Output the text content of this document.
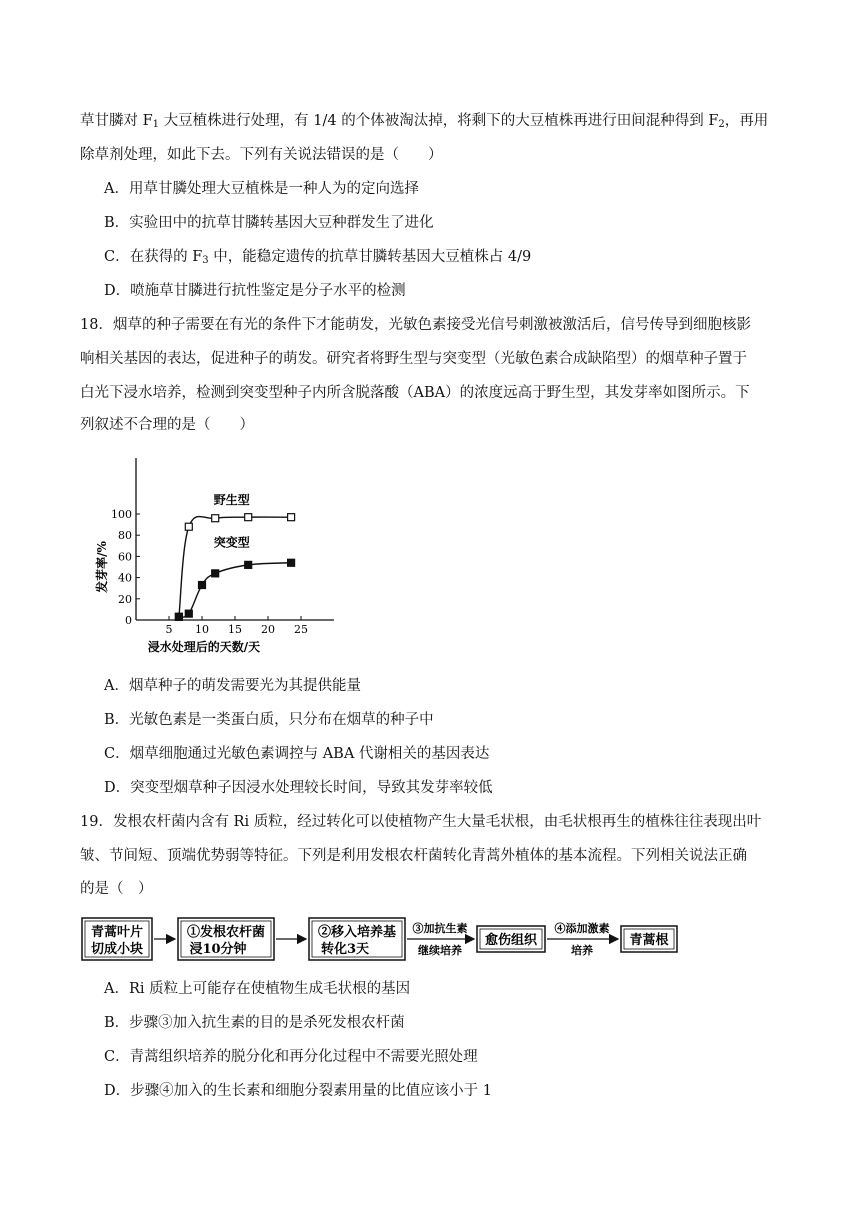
草甘膦对 $F_1$ 大豆植株进行处理，有 1/4 的个体被淘汰掉，将剩下的大豆植株再进行田间混种得到 $F_2$，再用
除草剂处理，如此下去。下列有关说法错误的是（　　）
A．用草甘膦处理大豆植株是一种人为的定向选择
B．实验田中的抗草甘膦转基因大豆种群发生了进化
C．在获得的 $F_3$ 中，能稳定遗传的抗草甘膦转基因大豆植株占 4/9
D．喷施草甘膦进行抗性鉴定是分子水平的检测
18．烟草的种子需要在有光的条件下才能萌发，光敏色素接受光信号刺激被激活后，信号传导到细胞核影
响相关基因的表达，促进种子的萌发。研究者将野生型与突变型（光敏色素合成缺陷型）的烟草种子置于
白光下浸水培养，检测到突变型种子内所含脱落酸（ABA）的浓度远高于野生型，其发芽率如图所示。下
列叙述不合理的是（　　）
0
20
40
60
80
100
5 10 15 20 25
浸水处理后的天数/天
发芽率/%
野生型
突变型
A．烟草种子的萌发需要光为其提供能量
B．光敏色素是一类蛋白质，只分布在烟草的种子中
C．烟草细胞通过光敏色素调控与 ABA 代谢相关的基因表达
D．突变型烟草种子因浸水处理较长时间，导致其发芽率较低
19．发根农杆菌内含有 Ri 质粒，经过转化可以使植物产生大量毛状根，由毛状根再生的植株往往表现出叶
皱、节间短、顶端优势弱等特征。下列是利用发根农杆菌转化青蒿外植体的基本流程。下列相关说法正确
的是（　）
青蒿叶片
切成小块
①发根农杆菌
浸10分钟
②移入培养基
转化3天
③加抗生素
继续培养
愈伤组织
④添加激素
培养
青蒿根
A．Ri 质粒上可能存在使植物生成毛状根的基因
B．步骤③加入抗生素的目的是杀死发根农杆菌
C．青蒿组织培养的脱分化和再分化过程中不需要光照处理
D．步骤④加入的生长素和细胞分裂素用量的比值应该小于 1
